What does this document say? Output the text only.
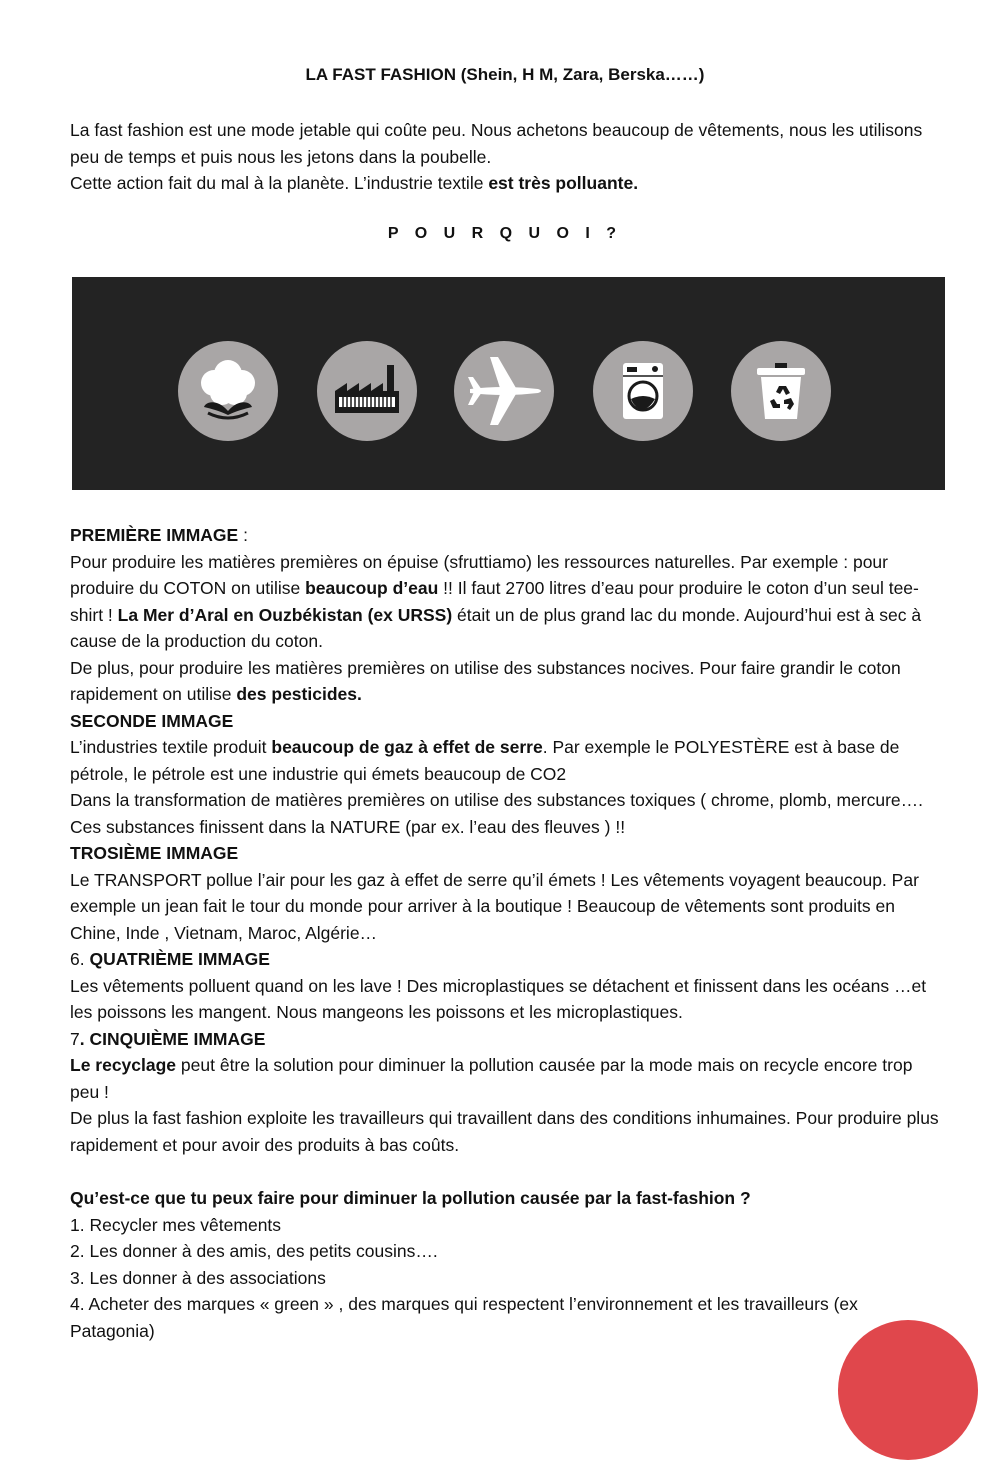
LA FAST FASHION (Shein, H M, Zara, Berska……)
La fast fashion est une mode jetable qui coûte peu. Nous achetons beaucoup de vêtements, nous les utilisons peu de temps et puis nous les jetons dans la poubelle.
Cette action fait du mal à la planète. L’industrie textile est très polluante.
P O U R Q U O I ?

PREMIÈRE IMMAGE :

Pour produire les matières premières on épuise (sfruttiamo) les ressources naturelles. Par exemple : pour produire du COTON on utilise beaucoup d’eau !! Il faut 2700 litres d’eau pour produire le coton d’un seul tee-shirt ! La Mer d’Aral en Ouzbékistan (ex URSS) était un de plus grand lac du monde. Aujourd’hui est à sec à cause de la production du coton.

De plus, pour produire les matières premières on utilise des substances nocives. Pour faire grandir le coton rapidement on utilise des pesticides.

SECONDE IMMAGE

L’industries textile produit beaucoup de gaz à effet de serre. Par exemple le POLYESTÈRE est à base de pétrole, le pétrole est une industrie qui émets beaucoup de CO2

Dans la transformation de matières premières on utilise des substances toxiques ( chrome, plomb, mercure…. Ces substances finissent dans la NATURE (par ex. l’eau des fleuves ) !!

TROSIÈME IMMAGE

Le TRANSPORT pollue l’air pour les gaz à effet de serre qu’il émets ! Les vêtements voyagent beaucoup. Par exemple un jean fait le tour du monde pour arriver à la boutique ! Beaucoup de vêtements sont produits en Chine, Inde , Vietnam, Maroc, Algérie…

6. QUATRIÈME IMMAGE

Les vêtements polluent quand on les lave ! Des microplastiques se détachent et finissent dans les océans …et les poissons les mangent. Nous mangeons les poissons et les microplastiques.

7. CINQUIÈME IMMAGE

Le recyclage peut être la solution pour diminuer la pollution causée par la mode mais on recycle encore trop peu !

De plus la fast fashion exploite les travailleurs qui travaillent dans des conditions inhumaines. Pour produire plus rapidement et pour avoir des produits à bas coûts.

Qu’est-ce que tu peux faire pour diminuer la pollution causée par la fast-fashion ?

1. Recycler mes vêtements

2. Les donner à des amis, des petits cousins….

3. Les donner à des associations

4. Acheter des marques « green » , des marques qui respectent l’environnement et les travailleurs (ex Patagonia)
